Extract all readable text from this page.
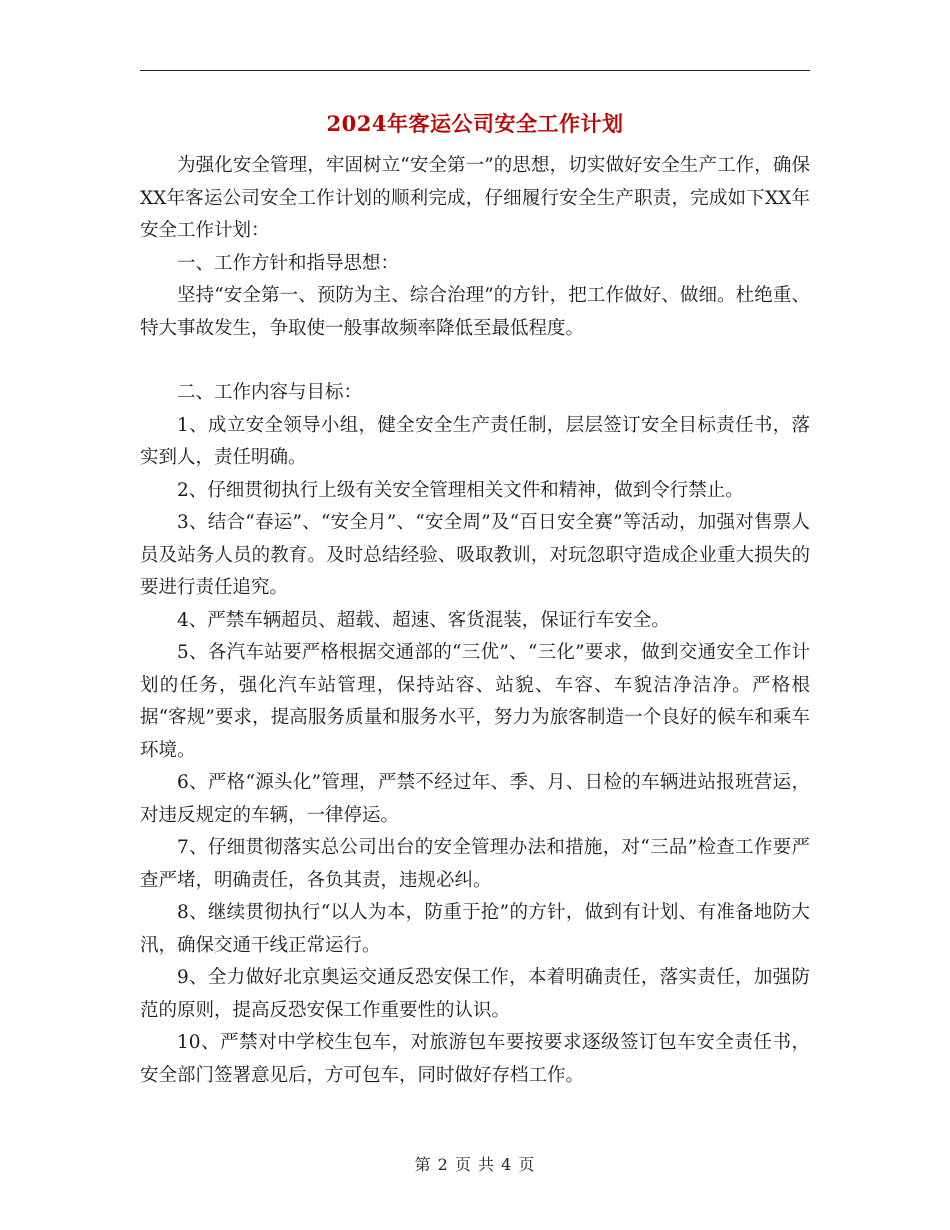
2024年客运公司安全工作计划

为强化安全管理，牢固树立“安全第一”的思想，切实做好安全生产工作，确保XX年客运公司安全工作计划的顺利完成，仔细履行安全生产职责，完成如下XX年安全工作计划：

一、工作方针和指导思想：

坚持“安全第一、预防为主、综合治理”的方针，把工作做好、做细。杜绝重、特大事故发生，争取使一般事故频率降低至最低程度。

二、工作内容与目标：

1、成立安全领导小组，健全安全生产责任制，层层签订安全目标责任书，落实到人，责任明确。

2、仔细贯彻执行上级有关安全管理相关文件和精神，做到令行禁止。

3、结合“春运”、“安全月”、“安全周”及“百日安全赛”等活动，加强对售票人员及站务人员的教育。及时总结经验、吸取教训，对玩忽职守造成企业重大损失的要进行责任追究。

4、严禁车辆超员、超载、超速、客货混装，保证行车安全。

5、各汽车站要严格根据交通部的“三优”、“三化”要求，做到交通安全工作计划的任务，强化汽车站管理，保持站容、站貌、车容、车貌洁净洁净。严格根据“客规”要求，提高服务质量和服务水平，努力为旅客制造一个良好的候车和乘车环境。

6、严格“源头化”管理，严禁不经过年、季、月、日检的车辆进站报班营运，对违反规定的车辆，一律停运。

7、仔细贯彻落实总公司出台的安全管理办法和措施，对“三品”检查工作要严查严堵，明确责任，各负其责，违规必纠。

8、继续贯彻执行“以人为本，防重于抢”的方针，做到有计划、有准备地防大汛，确保交通干线正常运行。

9、全力做好北京奥运交通反恐安保工作，本着明确责任，落实责任，加强防范的原则，提高反恐安保工作重要性的认识。

10、严禁对中学校生包车，对旅游包车要按要求逐级签订包车安全责任书，安全部门签署意见后，方可包车，同时做好存档工作。

第 2 页 共 4 页
